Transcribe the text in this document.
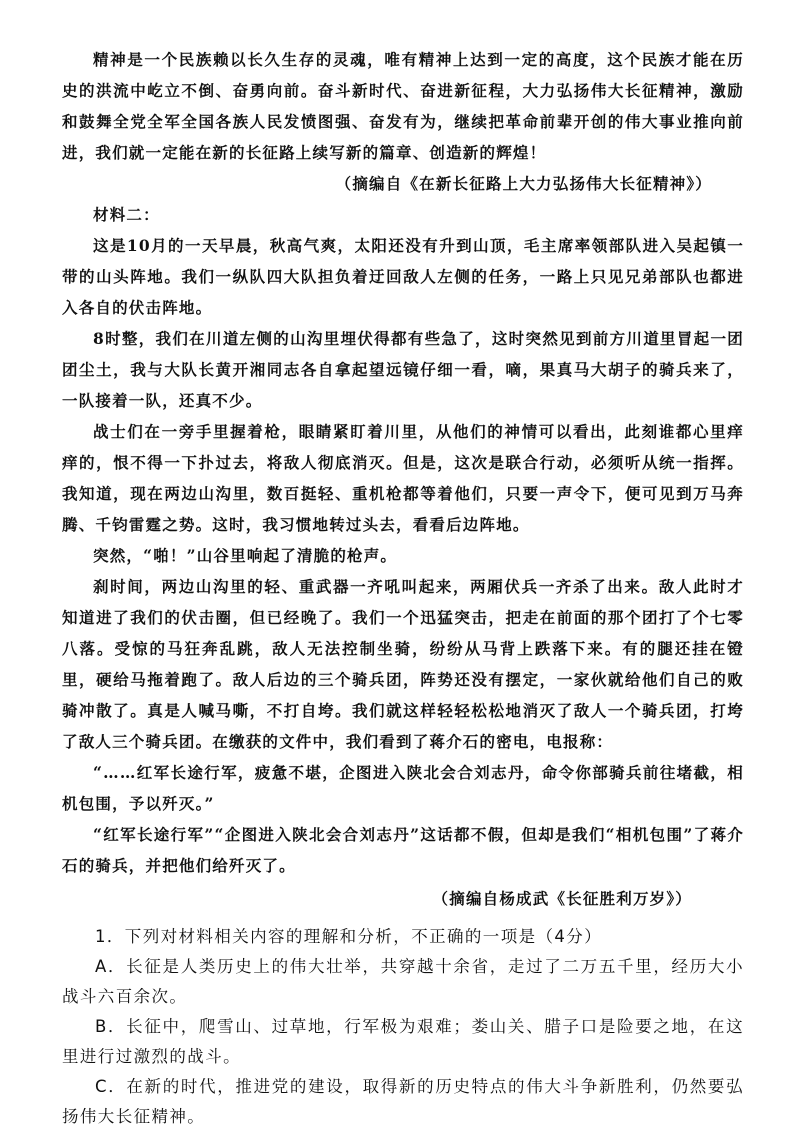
精神是一个民族赖以长久生存的灵魂，唯有精神上达到一定的高度，这个民族才能在历史的洪流中屹立不倒、奋勇向前。奋斗新时代、奋进新征程，大力弘扬伟大长征精神，激励和鼓舞全党全军全国各族人民发愤图强、奋发有为，继续把革命前辈开创的伟大事业推向前进，我们就一定能在新的长征路上续写新的篇章、创造新的辉煌！

（摘编自《在新长征路上大力弘扬伟大长征精神》）

材料二：

这是10月的一天早晨，秋高气爽，太阳还没有升到山顶，毛主席率领部队进入吴起镇一带的山头阵地。我们一纵队四大队担负着迂回敌人左侧的任务，一路上只见兄弟部队也都进入各自的伏击阵地。

8时整，我们在川道左侧的山沟里埋伏得都有些急了，这时突然见到前方川道里冒起一团团尘土，我与大队长黄开湘同志各自拿起望远镜仔细一看，嘀，果真马大胡子的骑兵来了，一队接着一队，还真不少。

战士们在一旁手里握着枪，眼睛紧盯着川里，从他们的神情可以看出，此刻谁都心里痒痒的，恨不得一下扑过去，将敌人彻底消灭。但是，这次是联合行动，必须听从统一指挥。我知道，现在两边山沟里，数百挺轻、重机枪都等着他们，只要一声令下，便可见到万马奔腾、千钧雷霆之势。这时，我习惯地转过头去，看看后边阵地。

突然，“啪！”山谷里响起了清脆的枪声。

刹时间，两边山沟里的轻、重武器一齐吼叫起来，两厢伏兵一齐杀了出来。敌人此时才知道进了我们的伏击圈，但已经晚了。我们一个迅猛突击，把走在前面的那个团打了个七零八落。受惊的马狂奔乱跳，敌人无法控制坐骑，纷纷从马背上跌落下来。有的腿还挂在镫里，硬给马拖着跑了。敌人后边的三个骑兵团，阵势还没有摆定，一家伙就给他们自己的败骑冲散了。真是人喊马嘶，不打自垮。我们就这样轻轻松松地消灭了敌人一个骑兵团，打垮了敌人三个骑兵团。在缴获的文件中，我们看到了蒋介石的密电，电报称：

“……红军长途行军，疲惫不堪，企图进入陕北会合刘志丹，命令你部骑兵前往堵截，相机包围，予以歼灭。”

“红军长途行军”“企图进入陕北会合刘志丹”这话都不假，但却是我们“相机包围”了蒋介石的骑兵，并把他们给歼灭了。

（摘编自杨成武《长征胜利万岁》）

1．下列对材料相关内容的理解和分析，不正确的一项是（4分）

A．长征是人类历史上的伟大壮举，共穿越十余省，走过了二万五千里，经历大小战斗六百余次。

B．长征中，爬雪山、过草地，行军极为艰难；娄山关、腊子口是险要之地，在这里进行过激烈的战斗。

C．在新的时代，推进党的建设，取得新的历史特点的伟大斗争新胜利，仍然要弘扬伟大长征精神。
